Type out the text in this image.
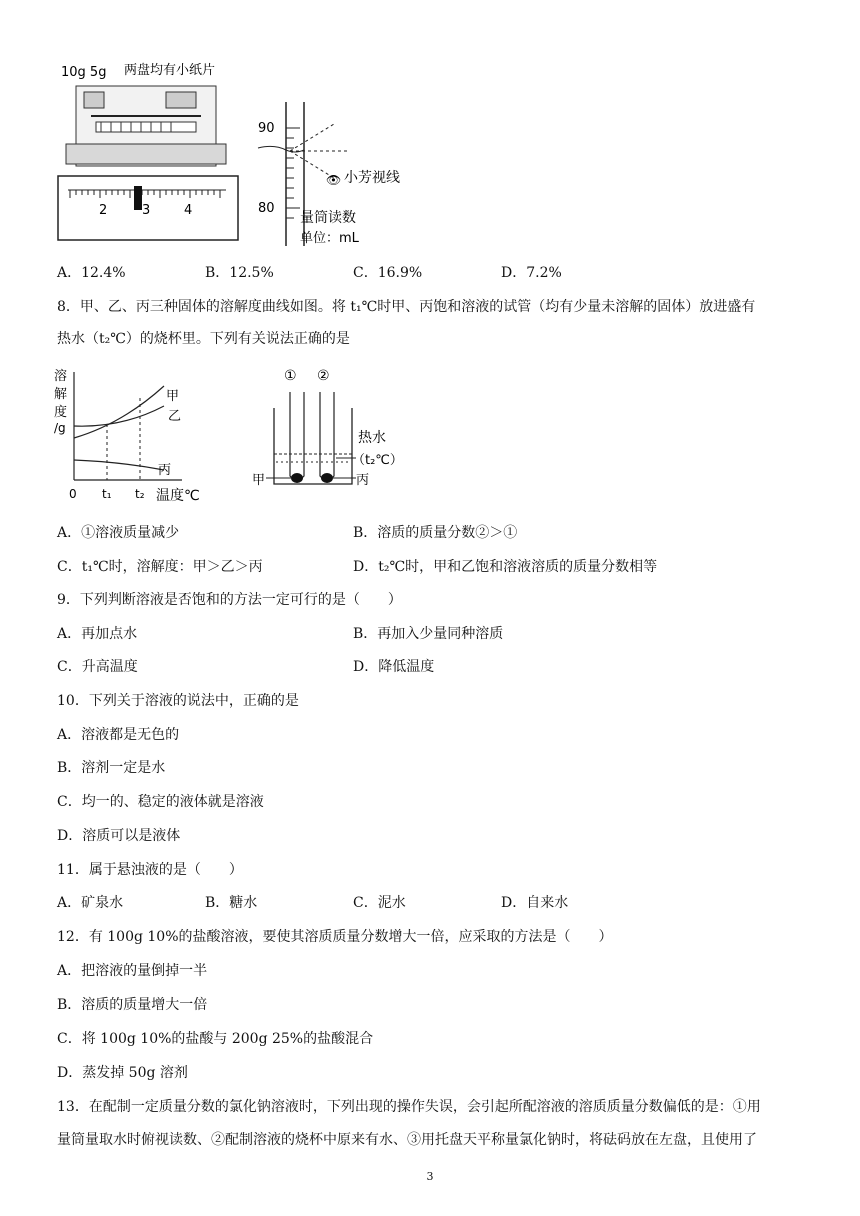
10g 5g 两盘均有小纸片
2	3	4
90
80
👁 小芳视线
量筒读数
单位：mL
A．12.4%	B．12.5%	C．16.9%	D．7.2%
8．甲、乙、丙三种固体的溶解度曲线如图。将 t₁℃时甲、丙饱和溶液的试管（均有少量未溶解的固体）放进盛有
热水（t₂℃）的烧杯里。下列有关说法正确的是
溶
解
度
/g
甲
乙
丙
0 t₁ t₂ 温度℃
① ②
热水
（t₂℃）
甲	丙
A．①溶液质量减少	B．溶质的质量分数②＞①
C．t₁℃时，溶解度：甲＞乙＞丙	D．t₂℃时，甲和乙饱和溶液溶质的质量分数相等
9．下列判断溶液是否饱和的方法一定可行的是（　　）
A．再加点水	B．再加入少量同种溶质
C．升高温度	D．降低温度
10．下列关于溶液的说法中，正确的是
A．溶液都是无色的
B．溶剂一定是水
C．均一的、稳定的液体就是溶液
D．溶质可以是液体
11．属于悬浊液的是（　　）
A．矿泉水	B．糖水	C．泥水	D．自来水
12．有 100g 10%的盐酸溶液，要使其溶质质量分数增大一倍，应采取的方法是（　　）
A．把溶液的量倒掉一半
B．溶质的质量增大一倍
C．将 100g 10%的盐酸与 200g 25%的盐酸混合
D．蒸发掉 50g 溶剂
13．在配制一定质量分数的氯化钠溶液时，下列出现的操作失误，会引起所配溶液的溶质质量分数偏低的是：①用
量筒量取水时俯视读数、②配制溶液的烧杯中原来有水、③用托盘天平称量氯化钠时，将砝码放在左盘，且使用了
3
